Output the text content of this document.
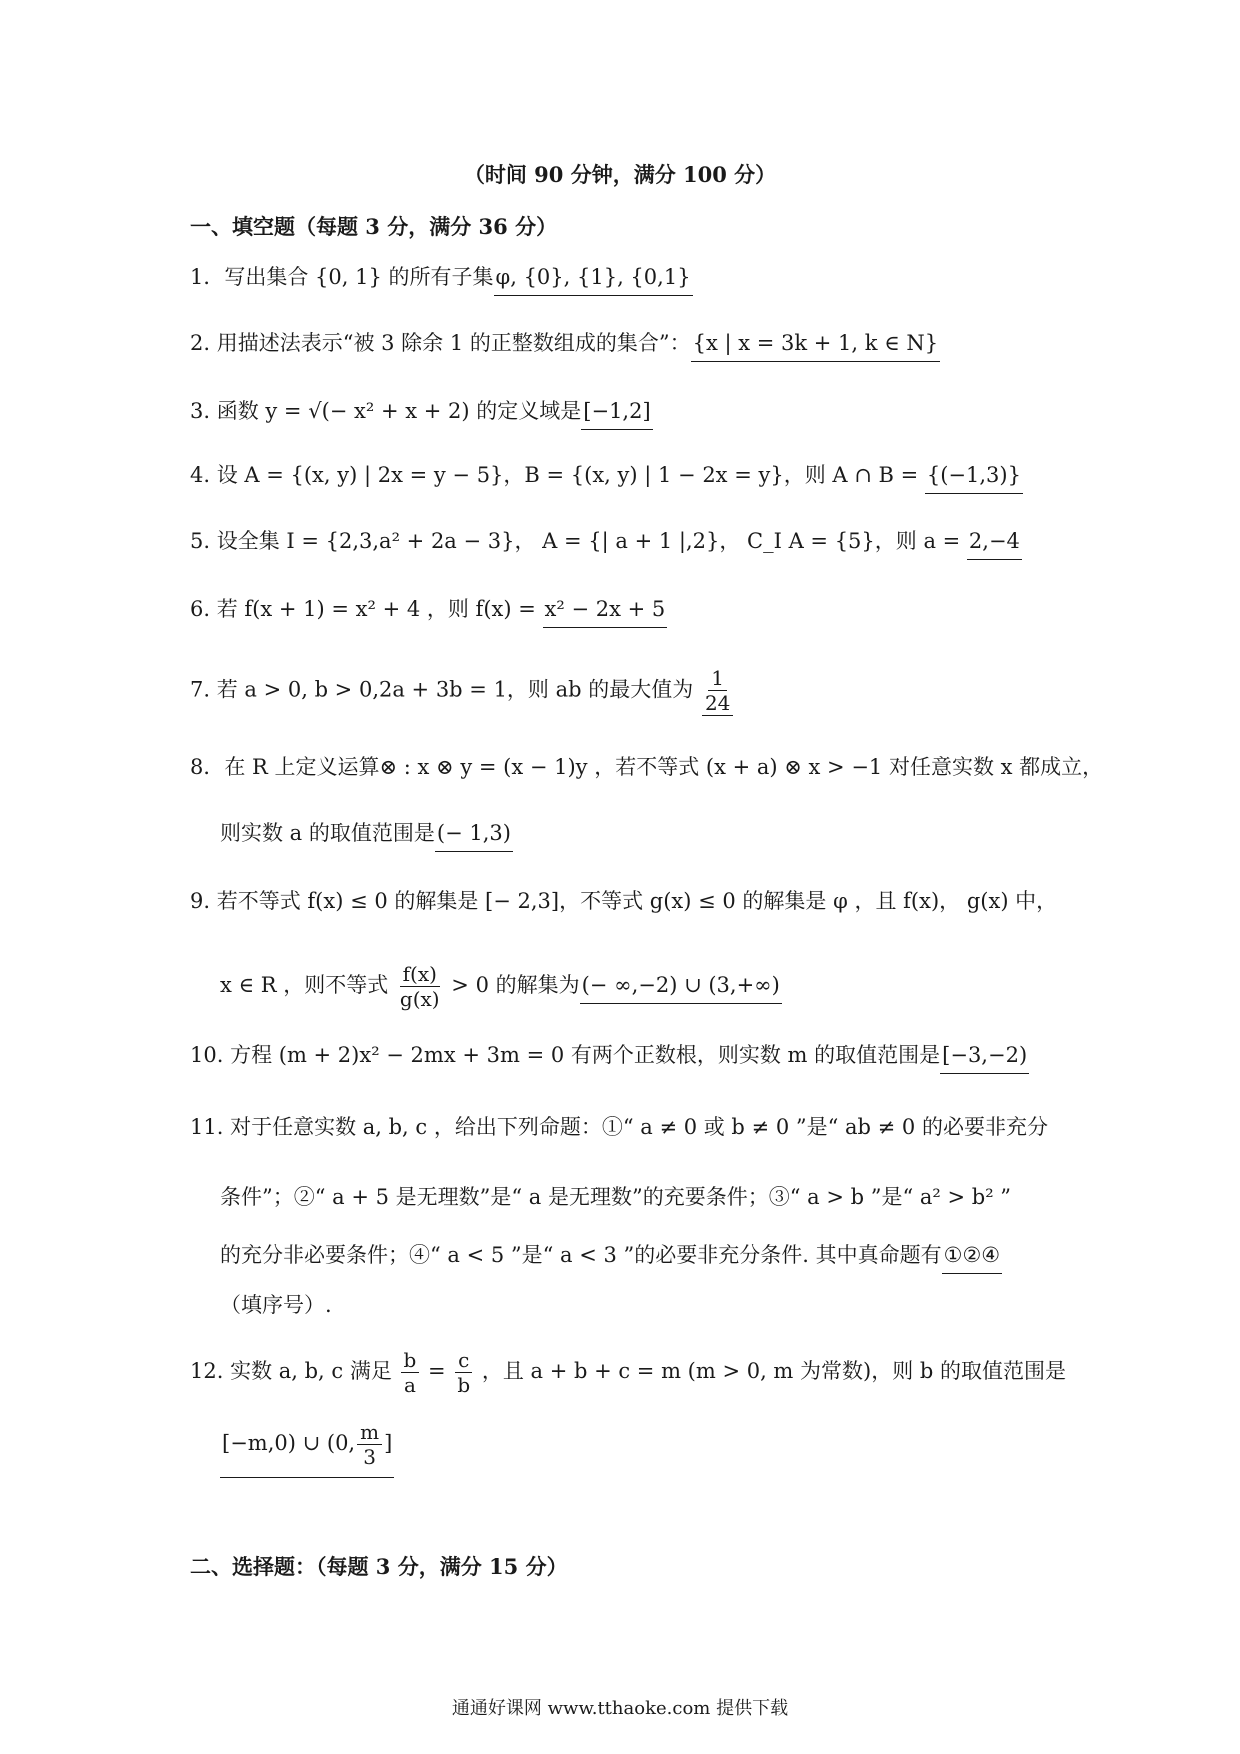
（时间 90 分钟，满分 100 分）
一、填空题（每题 3 分，满分 36 分）
1．写出集合 {0, 1} 的所有子集φ, {0}, {1}, {0,1}
2. 用描述法表示“被 3 除余 1 的正整数组成的集合”：{x | x = 3k + 1, k ∈ N}
3. 函数 y = √(− x² + x + 2) 的定义域是[−1,2]
4. 设 A = {(x, y) | 2x = y − 5}，B = {(x, y) | 1 − 2x = y}，则 A ∩ B = {(−1,3)}
5. 设全集 I = {2,3,a² + 2a − 3}， A = {| a + 1 |,2}， C_I A = {5}，则 a = 2,−4
6. 若 f(x + 1) = x² + 4 ，则 f(x) = x² − 2x + 5
7. 若 a > 0, b > 0,2a + 3b = 1，则 ab 的最大值为 $\frac{1}{24}$
8．在 R 上定义运算⊗ : x ⊗ y = (x − 1)y ，若不等式 (x + a) ⊗ x > −1 对任意实数 x 都成立，
则实数 a 的取值范围是(− 1,3)
9. 若不等式 f(x) ≤ 0 的解集是 [− 2,3]，不等式 g(x) ≤ 0 的解集是 φ ，且 f(x)， g(x) 中，
x ∈ R ，则不等式 $\frac{f(x)}{g(x)} > 0$ 的解集为(− ∞,−2) ∪ (3,+∞)
10. 方程 (m + 2)x² − 2mx + 3m = 0 有两个正数根，则实数 m 的取值范围是[−3,−2)
11. 对于任意实数 a, b, c ，给出下列命题：①“ a ≠ 0 或 b ≠ 0 ”是“ ab ≠ 0 的必要非充分
条件”；②“ a + 5 是无理数”是“ a 是无理数”的充要条件；③“ a > b ”是“ a² > b² ”
的充分非必要条件；④“ a < 5 ”是“ a < 3 ”的必要非充分条件. 其中真命题有①②④
（填序号）.
12. 实数 a, b, c 满足 $\frac{b}{a} = \frac{c}{b}$ ，且 a + b + c = m (m > 0, m 为常数)，则 b 的取值范围是
[−m,0) ∪ (0, $\frac{m}{3}$ ]
二、选择题：（每题 3 分，满分 15 分）
通通好课网 www.tthaoke.com 提供下载
